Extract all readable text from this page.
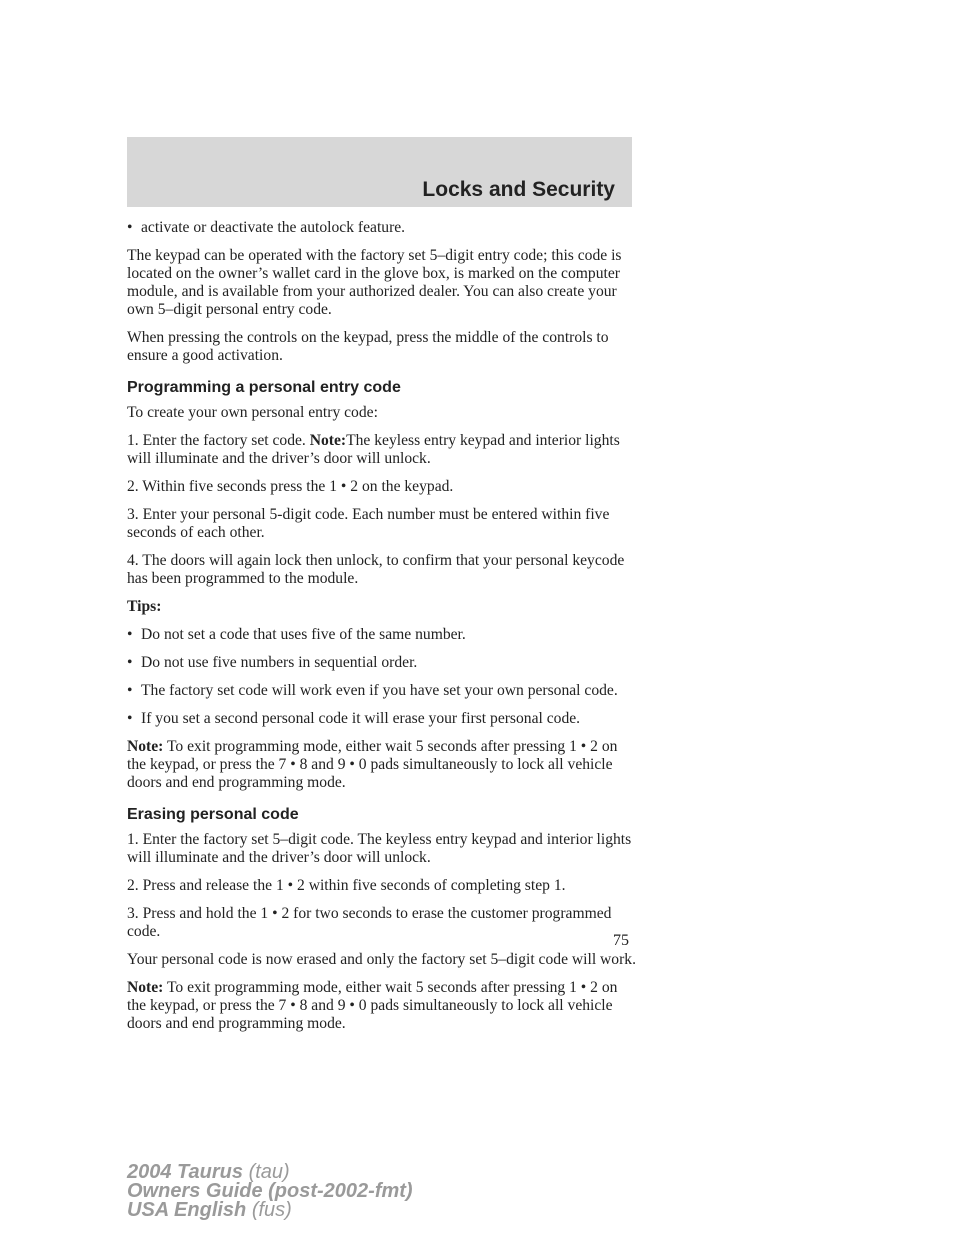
Locks and Security
• activate or deactivate the autolock feature.

The keypad can be operated with the factory set 5–digit entry code; this code is located on the owner’s wallet card in the glove box, is marked on the computer module, and is available from your authorized dealer. You can also create your own 5–digit personal entry code.

When pressing the controls on the keypad, press the middle of the controls to ensure a good activation.

Programming a personal entry code

To create your own personal entry code:

1. Enter the factory set code. Note:The keyless entry keypad and interior lights will illuminate and the driver’s door will unlock.

2. Within five seconds press the 1 • 2 on the keypad.

3. Enter your personal 5-digit code. Each number must be entered within five seconds of each other.

4. The doors will again lock then unlock, to confirm that your personal keycode has been programmed to the module.

Tips:

• Do not set a code that uses five of the same number.
• Do not use five numbers in sequential order.
• The factory set code will work even if you have set your own personal code.
• If you set a second personal code it will erase your first personal code.

Note: To exit programming mode, either wait 5 seconds after pressing 1 • 2 on the keypad, or press the 7 • 8 and 9 • 0 pads simultaneously to lock all vehicle doors and end programming mode.

Erasing personal code

1. Enter the factory set 5–digit code. The keyless entry keypad and interior lights will illuminate and the driver’s door will unlock.

2. Press and release the 1 • 2 within five seconds of completing step 1.

3. Press and hold the 1 • 2 for two seconds to erase the customer programmed code.

Your personal code is now erased and only the factory set 5–digit code will work.

Note: To exit programming mode, either wait 5 seconds after pressing 1 • 2 on the keypad, or press the 7 • 8 and 9 • 0 pads simultaneously to lock all vehicle doors and end programming mode.

75
2004 Taurus (tau)
Owners Guide (post-2002-fmt)
USA English (fus)
